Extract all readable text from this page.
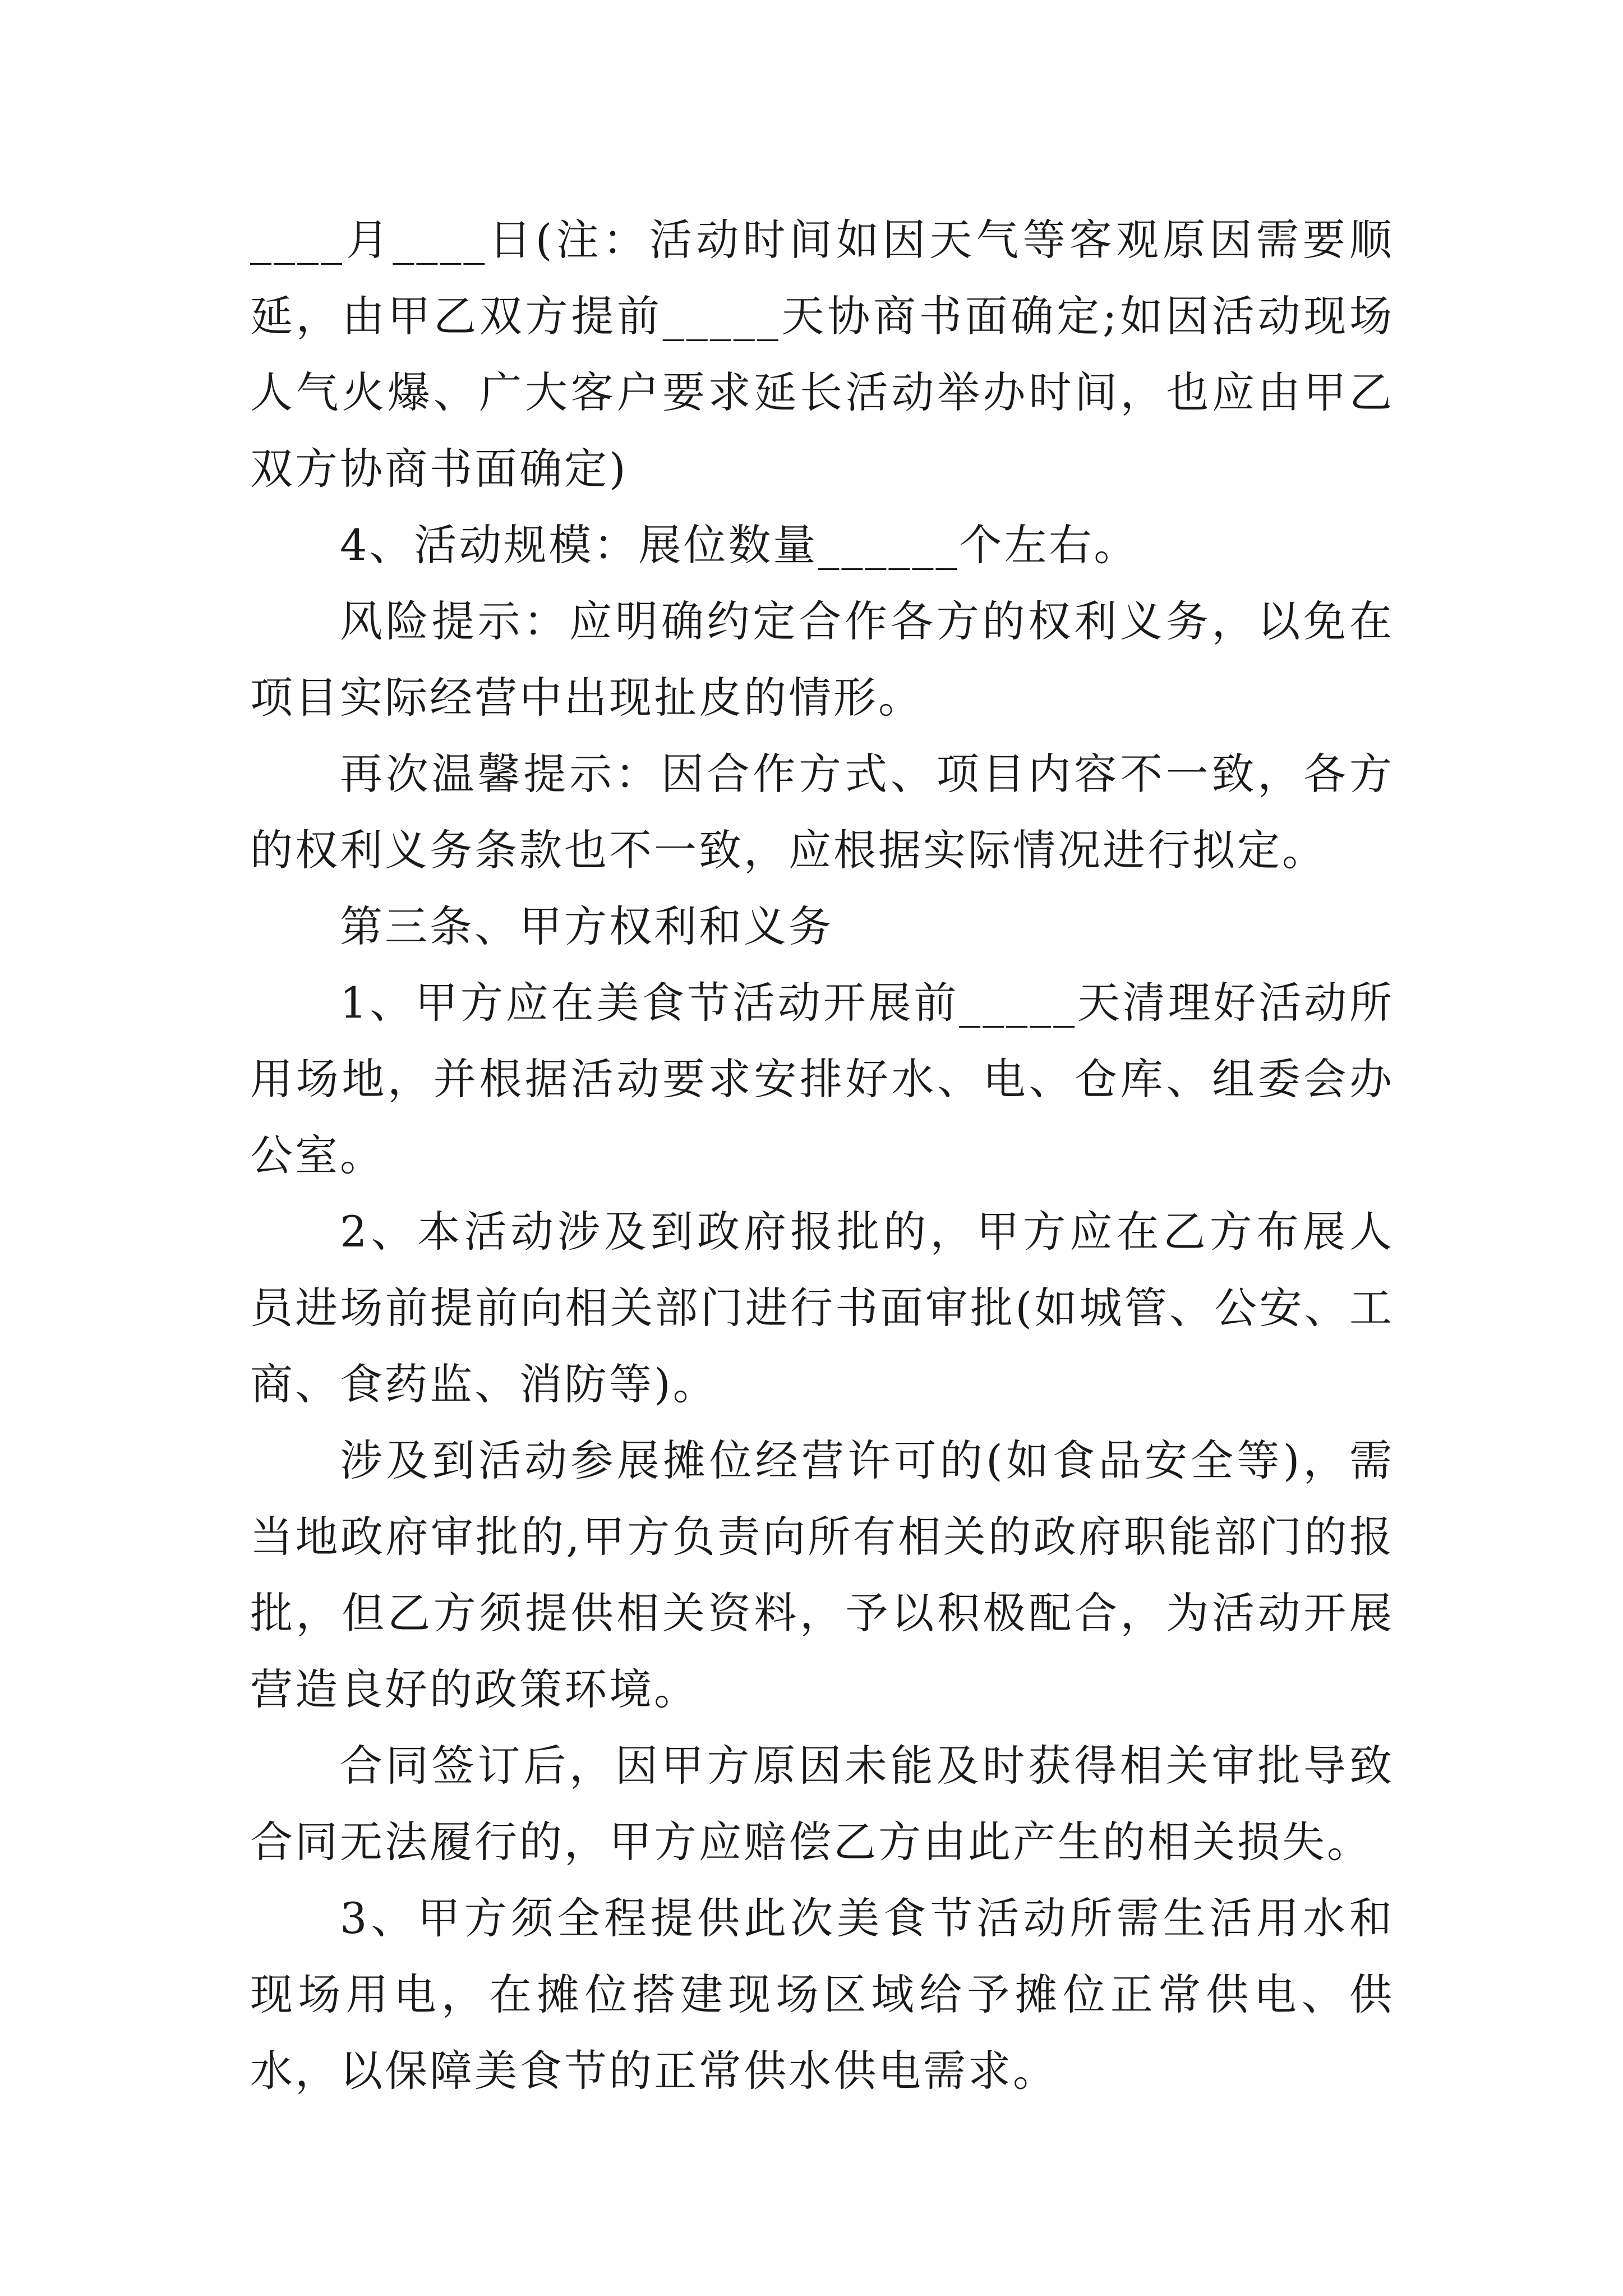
____月____日(注：活动时间如因天气等客观原因需要顺延，由甲乙双方提前_____天协商书面确定;如因活动现场人气火爆、广大客户要求延长活动举办时间，也应由甲乙双方协商书面确定)

4、活动规模：展位数量______个左右。

风险提示：应明确约定合作各方的权利义务，以免在项目实际经营中出现扯皮的情形。

再次温馨提示：因合作方式、项目内容不一致，各方的权利义务条款也不一致，应根据实际情况进行拟定。

第三条、甲方权利和义务

1、甲方应在美食节活动开展前_____天清理好活动所用场地，并根据活动要求安排好水、电、仓库、组委会办公室。

2、本活动涉及到政府报批的，甲方应在乙方布展人员进场前提前向相关部门进行书面审批(如城管、公安、工商、食药监、消防等)。

涉及到活动参展摊位经营许可的(如食品安全等)，需当地政府审批的,甲方负责向所有相关的政府职能部门的报批，但乙方须提供相关资料，予以积极配合，为活动开展营造良好的政策环境。

合同签订后，因甲方原因未能及时获得相关审批导致合同无法履行的，甲方应赔偿乙方由此产生的相关损失。

3、甲方须全程提供此次美食节活动所需生活用水和现场用电，在摊位搭建现场区域给予摊位正常供电、供水，以保障美食节的正常供水供电需求。
